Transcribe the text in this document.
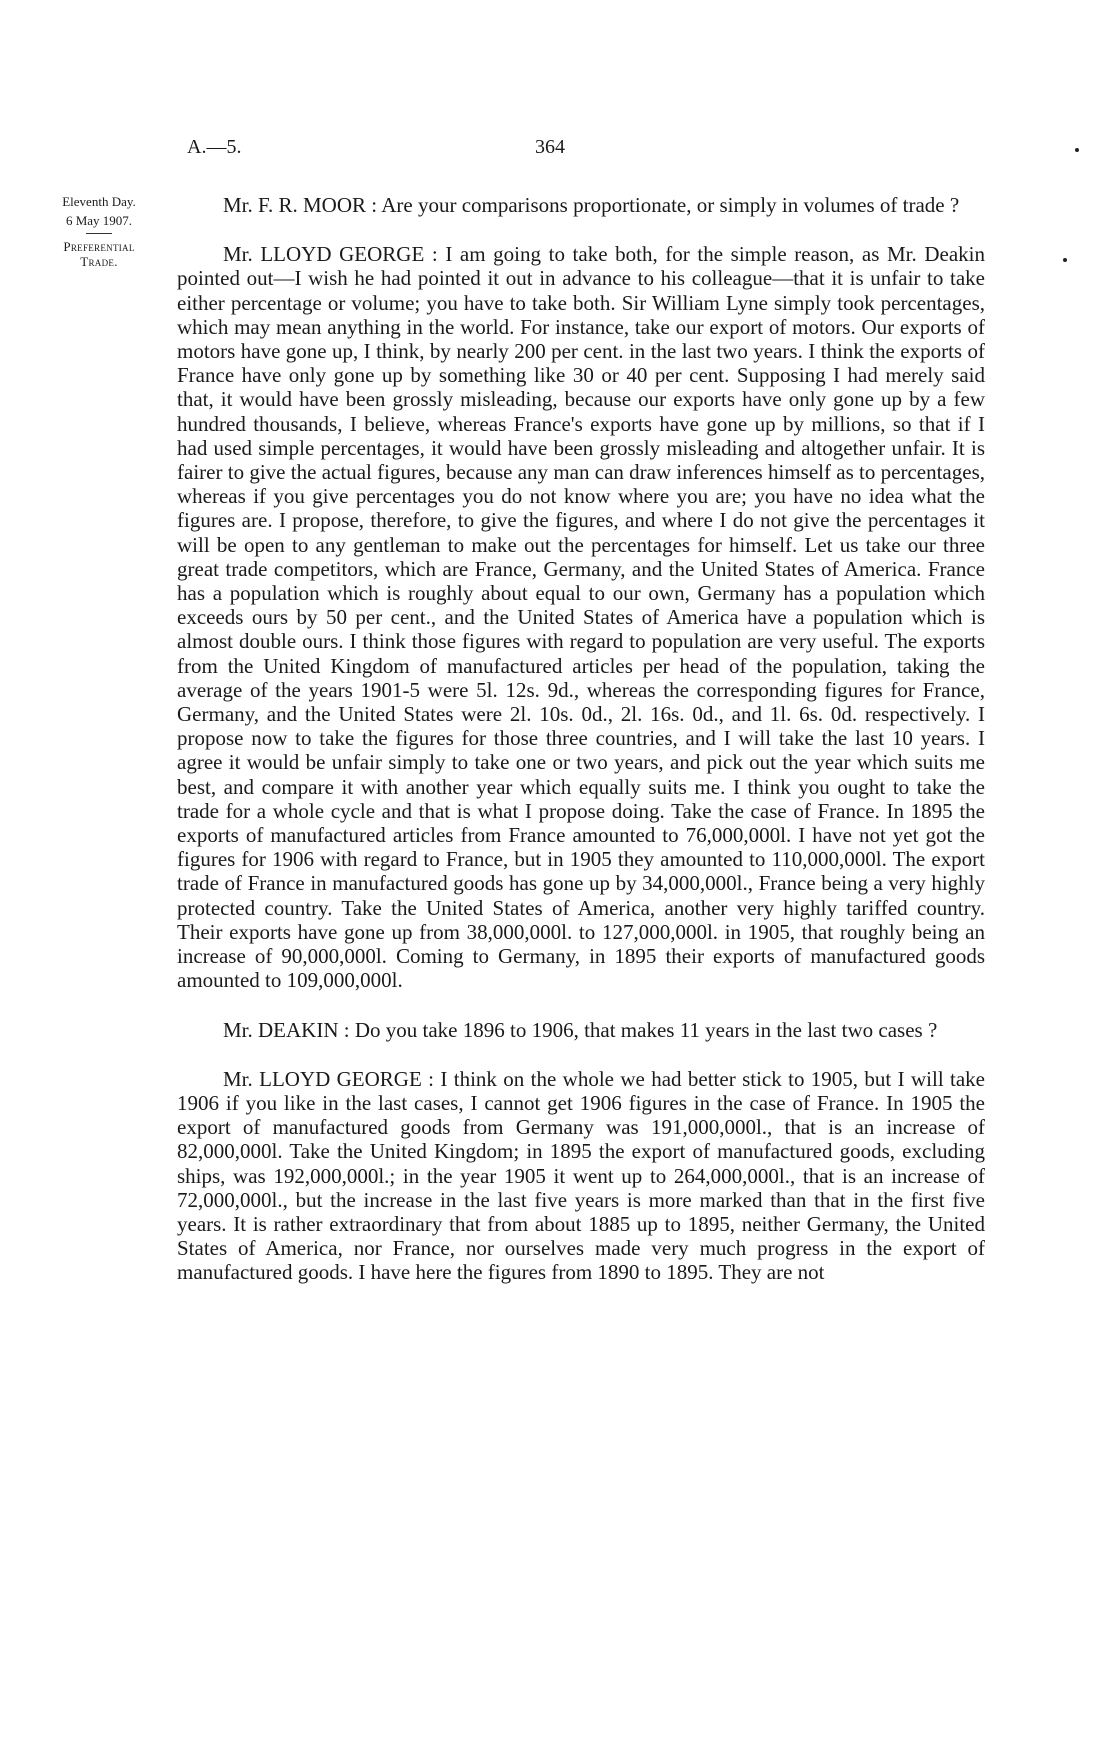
A.—5.	364
Eleventh Day.
6 May 1907.
Preferential
Trade.

Mr. F. R. MOOR : Are your comparisons proportionate, or simply in volumes of trade ?

Mr. LLOYD GEORGE : I am going to take both, for the simple reason, as Mr. Deakin pointed out—I wish he had pointed it out in advance to his colleague—that it is unfair to take either percentage or volume; you have to take both. Sir William Lyne simply took percentages, which may mean anything in the world. For instance, take our export of motors. Our exports of motors have gone up, I think, by nearly 200 per cent. in the last two years. I think the exports of France have only gone up by something like 30 or 40 per cent. Supposing I had merely said that, it would have been grossly misleading, because our exports have only gone up by a few hundred thousands, I believe, whereas France's exports have gone up by millions, so that if I had used simple percentages, it would have been grossly misleading and altogether unfair. It is fairer to give the actual figures, because any man can draw inferences himself as to percentages, whereas if you give percentages you do not know where you are; you have no idea what the figures are. I propose, therefore, to give the figures, and where I do not give the percentages it will be open to any gentleman to make out the percentages for himself. Let us take our three great trade competitors, which are France, Germany, and the United States of America. France has a population which is roughly about equal to our own, Germany has a population which exceeds ours by 50 per cent., and the United States of America have a population which is almost double ours. I think those figures with regard to population are very useful. The exports from the United Kingdom of manufactured articles per head of the population, taking the average of the years 1901-5 were 5l. 12s. 9d., whereas the corresponding figures for France, Germany, and the United States were 2l. 10s. 0d., 2l. 16s. 0d., and 1l. 6s. 0d. respectively. I propose now to take the figures for those three countries, and I will take the last 10 years. I agree it would be unfair simply to take one or two years, and pick out the year which suits me best, and compare it with another year which equally suits me. I think you ought to take the trade for a whole cycle and that is what I propose doing. Take the case of France. In 1895 the exports of manufactured articles from France amounted to 76,000,000l. I have not yet got the figures for 1906 with regard to France, but in 1905 they amounted to 110,000,000l. The export trade of France in manufactured goods has gone up by 34,000,000l., France being a very highly protected country. Take the United States of America, another very highly tariffed country. Their exports have gone up from 38,000,000l. to 127,000,000l. in 1905, that roughly being an increase of 90,000,000l. Coming to Germany, in 1895 their exports of manufactured goods amounted to 109,000,000l.

Mr. DEAKIN : Do you take 1896 to 1906, that makes 11 years in the last two cases ?

Mr. LLOYD GEORGE : I think on the whole we had better stick to 1905, but I will take 1906 if you like in the last cases, I cannot get 1906 figures in the case of France. In 1905 the export of manufactured goods from Germany was 191,000,000l., that is an increase of 82,000,000l. Take the United Kingdom; in 1895 the export of manufactured goods, excluding ships, was 192,000,000l.; in the year 1905 it went up to 264,000,000l., that is an increase of 72,000,000l., but the increase in the last five years is more marked than that in the first five years. It is rather extraordinary that from about 1885 up to 1895, neither Germany, the United States of America, nor France, nor ourselves made very much progress in the export of manufactured goods. I have here the figures from 1890 to 1895. They are not
